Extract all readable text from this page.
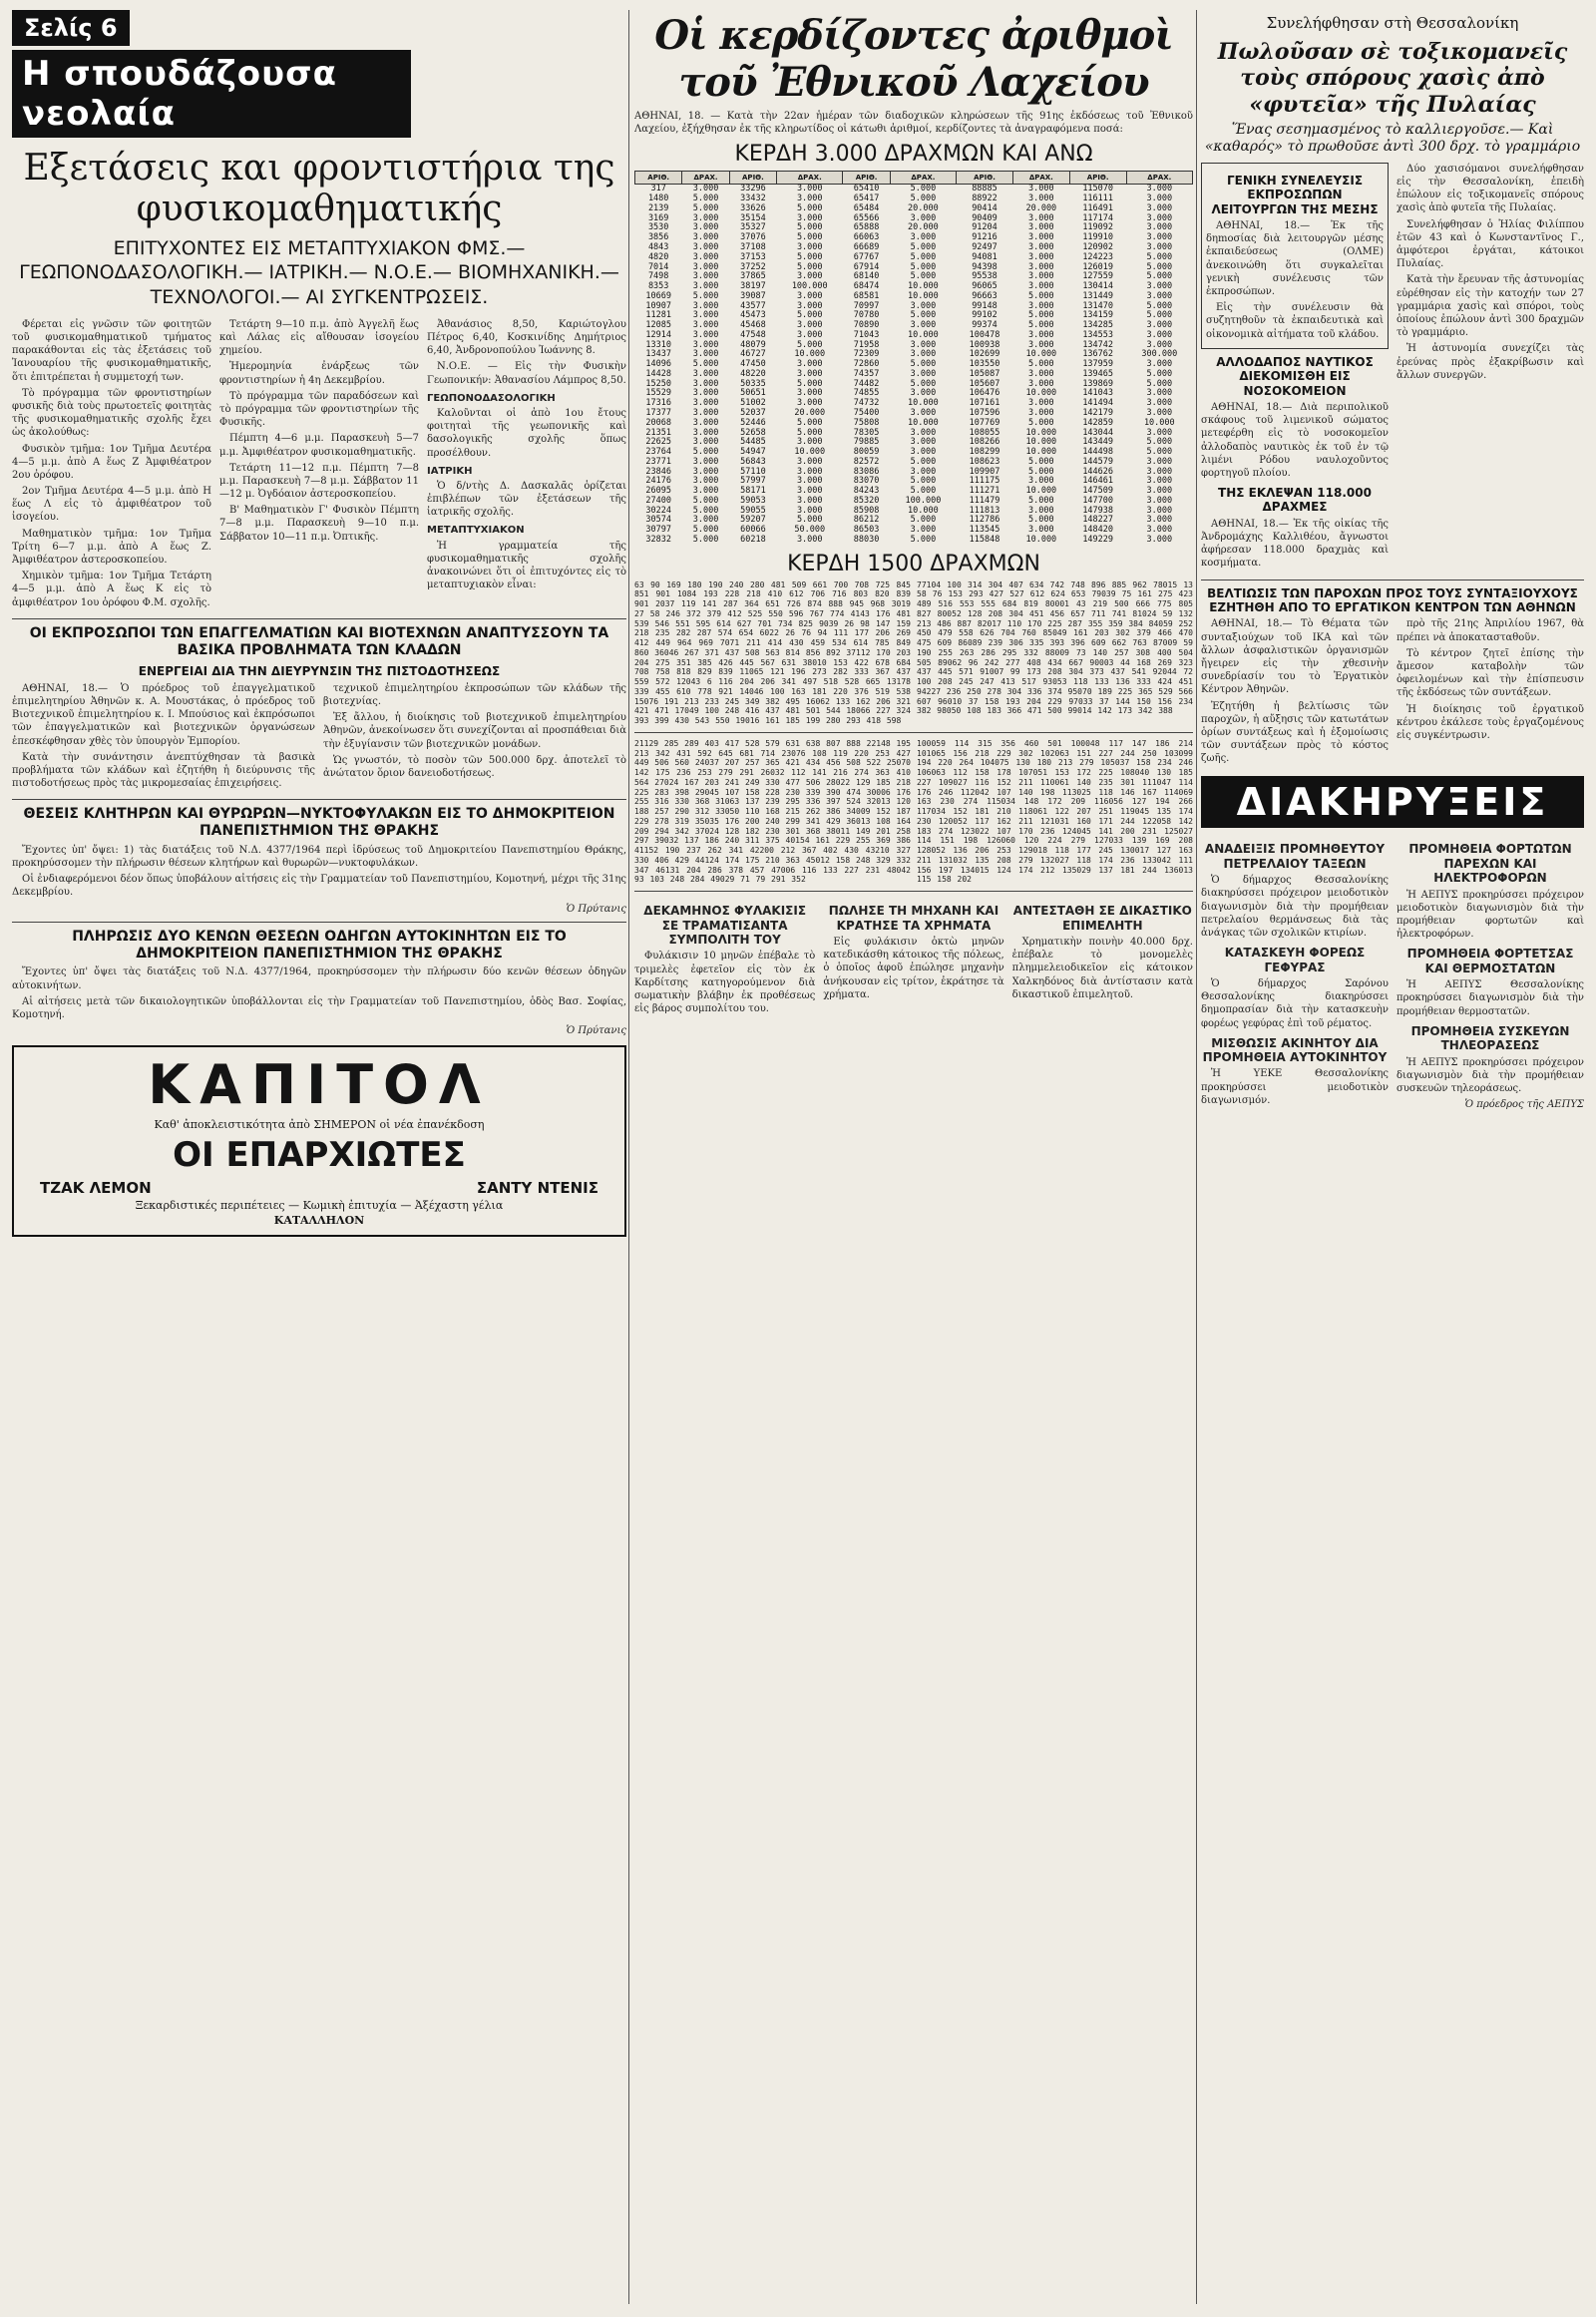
Σελίς 6
Η σπουδάζουσα νεολαία
Εξετάσεις και φροντιστήρια της φυσικομαθηματικής
ΕΠΙΤΥΧΟΝΤΕΣ ΕΙΣ ΜΕΤΑΠΤΥΧΙΑΚΟΝ ΦΜΣ.— ΓΕΩΠΟΝΟΔΑΣΟΛΟΓΙΚΗ.— ΙΑΤΡΙΚΗ.— Ν.Ο.Ε.— ΒΙΟΜΗΧΑΝΙΚΗ.— ΤΕΧΝΟΛΟΓΟΙ.— ΑΙ ΣΥΓΚΕΝΤΡΩΣΕΙΣ.

Φέρεται εἰς γνῶσιν τῶν φοιτητῶν τοῦ φυσικομαθηματικοῦ τμήματος παρακάθονται εἰς τὰς ἐξετάσεις τοῦ Ἰανουαρίου τῆς φυσικομαθηματικῆς, ὅτι ἐπιτρέπεται ἡ συμμετοχή των.

Τὸ πρόγραμμα τῶν φροντιστηρίων φυσικῆς διὰ τοὺς πρωτοετεῖς φοιτητὰς τῆς φυσικομαθηματικῆς σχολῆς ἔχει ὡς ἀκολούθως:

Φυσικὸν τμῆμα: 1ον Τμῆμα Δευτέρα 4—5 μ.μ. ἀπὸ Α ἕως Ζ Ἀμφιθέατρον 2ου ὀρόφου.

2ον Τμῆμα Δευτέρα 4—5 μ.μ. ἀπὸ Η ἕως Λ εἰς τὸ ἀμφιθέατρον τοῦ ἰσογείου.

Μαθηματικὸν τμῆμα: 1ον Τμῆμα Τρίτη 6—7 μ.μ. ἀπὸ Α ἕως Ζ. Ἀμφιθέατρον ἀστεροσκοπείου.

Χημικὸν τμῆμα: 1ον Τμῆμα Τετάρτη 4—5 μ.μ. ἀπὸ Α ἕως Κ εἰς τὸ ἀμφιθέατρον 1ου ὀρόφου Φ.Μ. σχολῆς.

Τετάρτη 9—10 π.μ. ἀπὸ Ἀγγελῆ ἕως καὶ Λάλας εἰς αἴθουσαν ἰσογείου χημείου.

Ἡμερομηνία ἐνάρξεως τῶν φροντιστηρίων ἡ 4η Δεκεμβρίου.

Τὸ πρόγραμμα τῶν παραδόσεων καὶ τὸ πρόγραμμα τῶν φροντιστηρίων τῆς Φυσικῆς.

Πέμπτη 4—6 μ.μ. Παρασκευὴ 5—7 μ.μ. Ἀμφιθέατρον φυσικομαθηματικῆς.

Τετάρτη 11—12 π.μ. Πέμπτη 7—8 μ.μ. Παρασκευὴ 7—8 μ.μ. Σάββατον 11—12 μ. Ὀγδόαιον ἀστεροσκοπείου.

Β' Μαθηματικὸν Γ' Φυσικὸν Πέμπτη 7—8 μ.μ. Παρασκευὴ 9—10 π.μ. Σάββατον 10—11 π.μ. Ὀπτικῆς.

Ἀθανάσιος 8,50, Καριώτογλου Πέτρος 6,40, Κοσκινίδης Δημήτριος 6,40, Ἀνδρονοπούλου Ἰωάννης 8.

Ν.Ο.Ε. — Εἰς τὴν Φυσικὴν Γεωπονικήν: Ἀθανασίου Λάμπρος 8,50.

ΓΕΩΠΟΝΟΔΑΣΟΛΟΓΙΚΗ

Καλοῦνται οἱ ἀπὸ 1ου ἔτους φοιτηταὶ τῆς γεωπονικῆς καὶ δασολογικῆς σχολῆς ὅπως προσέλθουν.

ΙΑΤΡΙΚΗ

Ὁ δ/ντὴς Δ. Δασκαλᾶς ὁρίζεται ἐπιβλέπων τῶν ἐξετάσεων τῆς ἰατρικῆς σχολῆς.

ΜΕΤΑΠΤΥΧΙΑΚΟΝ

Ἡ γραμματεία τῆς φυσικομαθηματικῆς σχολῆς ἀνακοινώνει ὅτι οἱ ἐπιτυχόντες εἰς τὸ μεταπτυχιακὸν εἶναι:

ΟΙ ΕΚΠΡΟΣΩΠΟΙ ΤΩΝ ΕΠΑΓΓΕΛΜΑΤΙΩΝ ΚΑΙ ΒΙΟΤΕΧΝΩΝ ΑΝΑΠΤΥΣΣΟΥΝ ΤΑ ΒΑΣΙΚΑ ΠΡΟΒΛΗΜΑΤΑ ΤΩΝ ΚΛΑΔΩΝ
ΕΝΕΡΓΕΙΑΙ ΔΙΑ ΤΗΝ ΔΙΕΥΡΥΝΣΙΝ ΤΗΣ ΠΙΣΤΟΔΟΤΗΣΕΩΣ

ΑΘΗΝΑΙ, 18.— Ὁ πρόεδρος τοῦ ἐπαγγελματικοῦ ἐπιμελητηρίου Ἀθηνῶν κ. Α. Μουστάκας, ὁ πρόεδρος τοῦ Βιοτεχνικοῦ ἐπιμελητηρίου κ. Ι. Μπούσιος καὶ ἐκπρόσωποι τῶν ἐπαγγελματικῶν καὶ βιοτεχνικῶν ὀργανώσεων ἐπεσκέφθησαν χθὲς τὸν ὑπουργὸν Ἐμπορίου.

Κατὰ τὴν συνάντησιν ἀνεπτύχθησαν τὰ βασικὰ προβλήματα τῶν κλάδων καὶ ἐζητήθη ἡ διεύρυνσις τῆς πιστοδοτήσεως πρὸς τὰς μικρομεσαίας ἐπιχειρήσεις.

τεχνικοῦ ἐπιμελητηρίου ἐκπροσώπων τῶν κλάδων τῆς βιοτεχνίας.

Ἐξ ἄλλου, ἡ διοίκησις τοῦ βιοτεχνικοῦ ἐπιμελητηρίου Ἀθηνῶν, ἀνεκοίνωσεν ὅτι συνεχίζονται αἱ προσπάθειαι διὰ τὴν ἐξυγίανσιν τῶν βιοτεχνικῶν μονάδων.

Ὡς γνωστόν, τὸ ποσὸν τῶν 500.000 δρχ. ἀποτελεῖ τὸ ἀνώτατον ὅριον δανειοδοτήσεως.

ΘΕΣΕΙΣ ΚΛΗΤΗΡΩΝ ΚΑΙ ΘΥΡΩΡΩΝ—ΝΥΚΤΟΦΥΛΑΚΩΝ ΕΙΣ ΤΟ ΔΗΜΟΚΡΙΤΕΙΟΝ ΠΑΝΕΠΙΣΤΗΜΙΟΝ ΤΗΣ ΘΡΑΚΗΣ

Ἔχοντες ὑπ' ὄψει: 1) τὰς διατάξεις τοῦ Ν.Δ. 4377/1964 περὶ ἱδρύσεως τοῦ Δημοκριτείου Πανεπιστημίου Θράκης, προκηρύσσομεν τὴν πλήρωσιν θέσεων κλητήρων καὶ θυρωρῶν—νυκτοφυλάκων.

Οἱ ἐνδιαφερόμενοι δέον ὅπως ὑποβάλουν αἰτήσεις εἰς τὴν Γραμματείαν τοῦ Πανεπιστημίου, Κομοτηνή, μέχρι τῆς 31ης Δεκεμβρίου.

Ὁ Πρύτανις
ΠΛΗΡΩΣΙΣ ΔΥΟ ΚΕΝΩΝ ΘΕΣΕΩΝ ΟΔΗΓΩΝ ΑΥΤΟΚΙΝΗΤΩΝ ΕΙΣ ΤΟ ΔΗΜΟΚΡΙΤΕΙΟΝ ΠΑΝΕΠΙΣΤΗΜΙΟΝ ΤΗΣ ΘΡΑΚΗΣ

Ἔχοντες ὑπ' ὄψει τὰς διατάξεις τοῦ Ν.Δ. 4377/1964, προκηρύσσομεν τὴν πλήρωσιν δύο κενῶν θέσεων ὁδηγῶν αὐτοκινήτων.

Αἱ αἰτήσεις μετὰ τῶν δικαιολογητικῶν ὑποβάλλονται εἰς τὴν Γραμματείαν τοῦ Πανεπιστημίου, ὁδὸς Βασ. Σοφίας, Κομοτηνή.

Ὁ Πρύτανις
ΚΑΠΙΤΟΛ
Καθ' ἀποκλειστικότητα ἀπὸ ΣΗΜΕΡΟΝ οἱ νέα ἐπανέκδοση
ΟΙ ΕΠΑΡΧΙΩΤΕΣ
ΤΖΑΚ ΛΕΜΟΝ	ΣΑΝΤΥ ΝΤΕΝΙΣ
Ξεκαρδιστικές περιπέτειες — Κωμικὴ ἐπιτυχία — Ἀξέχαστη γέλια
ΚΑΤΑΛΛΗΛΟΝ
Οἱ κερδίζοντες ἀριθμοὶ τοῦ Ἐθνικοῦ Λαχείου
ΑΘΗΝΑΙ, 18. — Κατὰ τὴν 22αν ἡμέραν τῶν διαδοχικῶν κληρώσεων τῆς 91ης ἐκδόσεως τοῦ Ἐθνικοῦ Λαχείου, ἐξήχθησαν ἐκ τῆς κληρωτίδος οἱ κάτωθι ἀριθμοί, κερδίζοντες τὰ ἀναγραφόμενα ποσά:
ΚΕΡΔΗ 3.000 ΔΡΑΧΜΩΝ ΚΑΙ ΑΝΩ
ΑΡΙΘ.	ΔΡΑΧ.	ΑΡΙΘ.	ΔΡΑΧ.	ΑΡΙΘ.	ΔΡΑΧ.	ΑΡΙΘ.	ΔΡΑΧ.	ΑΡΙΘ.	ΔΡΑΧ.
317	3.000	33296	3.000	65410	5.000	88885	3.000	115070	3.000
1480	5.000	33432	3.000	65417	5.000	88922	3.000	116111	3.000
2139	5.000	33626	5.000	65484	20.000	90414	20.000	116491	3.000
3169	3.000	35154	3.000	65566	3.000	90409	3.000	117174	3.000
3530	3.000	35327	5.000	65888	20.000	91204	3.000	119092	3.000
3856	3.000	37076	5.000	66063	3.000	91216	3.000	119910	3.000
4843	3.000	37108	3.000	66689	5.000	92497	3.000	120902	3.000
4820	3.000	37153	5.000	67767	5.000	94081	3.000	124223	5.000
7014	3.000	37252	5.000	67914	5.000	94398	3.000	126019	5.000
7498	3.000	37865	3.000	68140	5.000	95538	3.000	127559	5.000
8353	3.000	38197	100.000	68474	10.000	96065	3.000	130414	3.000
10669	5.000	39087	3.000	68581	10.000	96663	5.000	131449	3.000
10907	3.000	43577	3.000	70997	3.000	99148	3.000	131470	5.000
11281	3.000	45473	5.000	70780	5.000	99102	5.000	134159	5.000
12085	3.000	45468	3.000	70890	3.000	99374	5.000	134285	3.000
12914	3.000	47548	3.000	71043	10.000	100478	3.000	134553	3.000
13310	3.000	48079	5.000	71958	3.000	100938	3.000	134742	3.000
13437	3.000	46727	10.000	72309	3.000	102699	10.000	136762	300.000
14096	5.000	47450	3.000	72860	5.000	103550	5.000	137959	3.000
14428	3.000	48220	3.000	74357	3.000	105087	3.000	139465	5.000
15250	3.000	50335	5.000	74482	5.000	105607	3.000	139869	5.000
15529	3.000	50651	3.000	74855	3.000	106476	10.000	141043	3.000
17316	3.000	51002	3.000	74732	10.000	107161	3.000	141494	3.000
17377	3.000	52037	20.000	75400	3.000	107596	3.000	142179	3.000
20068	3.000	52446	5.000	75808	10.000	107769	5.000	142859	10.000
21351	3.000	52658	5.000	78305	3.000	108055	10.000	143044	3.000
22625	3.000	54485	3.000	79885	3.000	108266	10.000	143449	5.000
23764	5.000	54947	10.000	80059	3.000	108299	10.000	144498	5.000
23771	3.000	56843	3.000	82572	5.000	108623	5.000	144579	3.000
23846	3.000	57110	3.000	83086	3.000	109907	5.000	144626	3.000
24176	3.000	57997	3.000	83070	5.000	111175	3.000	146461	3.000
26095	3.000	58171	3.000	84243	5.000	111271	10.000	147509	3.000
27400	5.000	59053	3.000	85320	100.000	111479	5.000	147700	3.000
30224	5.000	59055	3.000	85908	10.000	111813	3.000	147938	3.000
30574	3.000	59207	5.000	86212	5.000	112786	5.000	148227	3.000
30797	5.000	60066	50.000	86503	3.000	113545	3.000	148420	3.000
32832	5.000	60218	3.000	88030	5.000	115848	10.000	149229	3.000
ΚΕΡΔΗ 1500 ΔΡΑΧΜΩΝ
63 90 169 180 190 240 280 481 509 661 700 708 725 845 851 901 1084 193 228 218 410 612 706 716 803 820 839 901 2037 119 141 287 364 651 726 874 888 945 968 3019 27 58 246 372 379 412 525 550 596 767 774 4143 176 481 539 546 551 595 614 627 701 734 825 9039 26 98 147 159 218 235 282 287 574 654 6022 26 76 94 111 177 206 269 412 449 964 969 7071 211 414 430 459 534 614 785 849 860 36046 267 371 437 508 563 814 856 892 37112 170 203 204 275 351 385 426 445 567 631 38010 153 422 678 684 708 758 818 829 839 11065 121 196 273 282 333 367 437 559 572 12043 6 116 204 206 341 497 518 528 665 13178 339 455 610 778 921 14046 100 163 181 220 376 519 538 15076 191 213 233 245 349 382 495 16062 133 162 206 321 421 471 17049 100 248 416 437 481 501 544 18066 227 324 393 399 430 543 550 19016 161 185 199 280 293 418 598
77104 100 314 304 407 634 742 748 896 885 962 78015 13 58 76 153 293 427 527 612 624 653 79039 75 161 275 423 489 516 553 555 684 819 80001 43 219 500 666 775 805 827 80052 128 208 304 451 456 657 711 741 81024 59 132 213 486 887 82017 110 170 225 287 355 359 384 84059 252 450 479 558 626 704 760 85049 161 203 302 379 466 470 475 609 86089 239 306 335 393 396 609 662 763 87009 59 190 255 263 286 295 332 88009 73 140 257 308 400 504 505 89062 96 242 277 408 434 667 90003 44 168 269 323 437 445 571 91007 99 173 208 304 373 437 541 92044 72 100 208 245 247 413 517 93053 118 133 136 333 424 451 94227 236 250 278 304 336 374 95070 189 225 365 529 566 607 96010 37 158 193 204 229 97033 37 144 150 156 234 382 98050 108 183 366 471 500 99014 142 173 342 388
21129 285 289 403 417 528 579 631 638 807 888 22148 195 213 342 431 592 645 681 714 23076 108 119 220 253 427 449 506 560 24037 207 257 365 421 434 456 508 522 25070 142 175 236 253 279 291 26032 112 141 216 274 363 410 564 27024 167 203 241 249 330 477 506 28022 129 185 218 225 283 398 29045 107 158 228 230 339 390 474 30006 176 255 316 330 368 31063 137 239 295 336 397 524 32013 120 188 257 290 312 33050 110 168 215 262 386 34009 152 187 229 278 319 35035 176 200 240 299 341 429 36013 108 164 209 294 342 37024 128 182 230 301 368 38011 149 201 258 297 39032 137 186 240 311 375 40154 161 229 255 369 386 41152 190 237 262 341 42200 212 367 402 430 43210 327 330 406 429 44124 174 175 210 363 45012 158 248 329 332 347 46131 204 286 378 457 47006 116 133 227 231 48042 93 103 248 284 49029 71 79 291 352
100059 114 315 356 460 501 100048 117 147 186 214 101065 156 218 229 302 102063 151 227 244 250 103099 194 220 264 104075 130 180 213 279 105037 158 234 246 106063 112 158 178 107051 153 172 225 108040 130 185 227 109027 116 152 211 110061 140 235 301 111047 114 176 246 112042 107 140 198 113025 118 146 167 114069 163 230 274 115034 148 172 209 116056 127 194 266 117034 152 181 210 118061 122 207 251 119045 135 174 230 120052 117 162 211 121031 160 171 244 122058 142 183 274 123022 107 170 236 124045 141 200 231 125027 114 151 198 126060 120 224 279 127033 139 169 208 128052 136 206 253 129018 118 177 245 130017 127 163 211 131032 135 208 279 132027 118 174 236 133042 111 156 197 134015 124 174 212 135029 137 181 244 136013 115 158 202
ΔΕΚΑΜΗΝΟΣ ΦΥΛΑΚΙΣΙΣ ΣΕ ΤΡΑΜΑΤΙΣΑΝΤΑ ΣΥΜΠΟΛΙΤΗ ΤΟΥ

Φυλάκισιν 10 μηνῶν ἐπέβαλε τὸ τριμελὲς ἐφετεῖον εἰς τὸν ἐκ Καρδίτσης κατηγορούμενον διὰ σωματικὴν βλάβην ἐκ προθέσεως εἰς βάρος συμπολίτου του.

ΠΩΛΗΣΕ ΤΗ ΜΗΧΑΝΗ ΚΑΙ ΚΡΑΤΗΣΕ ΤΑ ΧΡΗΜΑΤΑ

Εἰς φυλάκισιν ὀκτὼ μηνῶν κατεδικάσθη κάτοικος τῆς πόλεως, ὁ ὁποῖος ἀφοῦ ἐπώλησε μηχανὴν ἀνήκουσαν εἰς τρίτον, ἐκράτησε τὰ χρήματα.

ΑΝΤΕΣΤΑΘΗ ΣΕ ΔΙΚΑΣΤΙΚΟ ΕΠΙΜΕΛΗΤΗ

Χρηματικὴν ποινὴν 40.000 δρχ. ἐπέβαλε τὸ μονομελὲς πλημμελειοδικεῖον εἰς κάτοικον Χαλκηδόνος διὰ ἀντίστασιν κατὰ δικαστικοῦ ἐπιμελητοῦ.

Συνελήφθησαν στὴ Θεσσαλονίκη
Πωλοῦσαν σὲ τοξικομανεῖς τοὺς σπόρους χασὶς ἀπὸ «φυτεῖα» τῆς Πυλαίας
Ἕνας σεσημασμένος τὸ καλλιεργοῦσε.— Καὶ «καθαρός» τὸ πρωθοῦσε ἀντὶ 300 δρχ. τὸ γραμμάριο
ΓΕΝΙΚΗ ΣΥΝΕΛΕΥΣΙΣ ΕΚΠΡΟΣΩΠΩΝ ΛΕΙΤΟΥΡΓΩΝ ΤΗΣ ΜΕΣΗΣ

ΑΘΗΝΑΙ, 18.— Ἐκ τῆς δηmοσίας διὰ λειτουργῶν μέσης ἐκπαιδεύσεως (ΟΛΜΕ) ἀνεκοινώθη ὅτι συγκαλεῖται γενικὴ συνέλευσις τῶν ἐκπροσώπων.

Εἰς τὴν συνέλευσιν θὰ συζητηθοῦν τὰ ἐκπαιδευτικὰ καὶ οἰκονομικὰ αἰτήματα τοῦ κλάδου.

ΑΛΛΟΔΑΠΟΣ ΝΑΥΤΙΚΟΣ ΔΙΕΚΟΜΙΣΘΗ ΕΙΣ ΝΟΣΟΚΟΜΕΙΟΝ

ΑΘΗΝΑΙ, 18.— Διὰ περιπολικοῦ σκάφους τοῦ λιμενικοῦ σώματος μετεφέρθη εἰς τὸ νοσοκομεῖον ἀλλοδαπὸς ναυτικὸς ἐκ τοῦ ἐν τῷ λιμένι Ρόδου ναυλοχοῦντος φορτηγοῦ πλοίου.

ΤΗΣ ΕΚΛΕΨΑΝ 118.000 ΔΡΑΧΜΕΣ

ΑΘΗΝΑΙ, 18.— Ἐκ τῆς οἰκίας τῆς Ἀνδρομάχης Καλλιθέου, ἄγνωστοι ἀφήρεσαν 118.000 δραχμὰς καὶ κοσμήματα.

Δύο χασισόμανοι συνελήφθησαν εἰς τὴν Θεσσαλονίκη, ἐπειδὴ ἐπώλουν εἰς τοξικομανεῖς σπόρους χασὶς ἀπὸ φυτεῖα τῆς Πυλαίας.

Συνελήφθησαν ὁ Ἠλίας Φιλίππου ἐτῶν 43 καὶ ὁ Κωνσταντῖνος Γ., ἀμφότεροι ἐργάται, κάτοικοι Πυλαίας.

Κατὰ τὴν ἔρευναν τῆς ἀστυνομίας εὑρέθησαν εἰς τὴν κατοχήν των 27 γραμμάρια χασὶς καὶ σπόροι, τοὺς ὁποίους ἐπώλουν ἀντὶ 300 δραχμῶν τὸ γραμμάριο.

Ἡ ἀστυνομία συνεχίζει τὰς ἐρεύνας πρὸς ἐξακρίβωσιν καὶ ἄλλων συνεργῶν.

ΒΕΛΤΙΩΣΙΣ ΤΩΝ ΠΑΡΟΧΩΝ ΠΡΟΣ ΤΟΥΣ ΣΥΝΤΑΞΙΟΥΧΟΥΣ ΕΖΗΤΗΘΗ ΑΠΟ ΤΟ ΕΡΓΑΤΙΚΟΝ ΚΕΝΤΡΟΝ ΤΩΝ ΑΘΗΝΩΝ

ΑΘΗΝΑΙ, 18.— Τὸ Θέματα τῶν συνταξιούχων τοῦ ΙΚΑ καὶ τῶν ἄλλων ἀσφαλιστικῶν ὀργανισμῶν ἤγειρεν εἰς τὴν χθεσινὴν συνεδρίασίν του τὸ Ἐργατικὸν Κέντρον Ἀθηνῶν.

Ἐζητήθη ἡ βελτίωσις τῶν παροχῶν, ἡ αὔξησις τῶν κατωτάτων ὁρίων συντάξεως καὶ ἡ ἐξομοίωσις τῶν συντάξεων πρὸς τὸ κόστος ζωῆς.

πρὸ τῆς 21ης Ἀπριλίου 1967, θὰ πρέπει νὰ ἀποκατασταθοῦν.

Τὸ κέντρον ζητεῖ ἐπίσης τὴν ἄμεσον καταβολὴν τῶν ὀφειλομένων καὶ τὴν ἐπίσπευσιν τῆς ἐκδόσεως τῶν συντάξεων.

Ἡ διοίκησις τοῦ ἐργατικοῦ κέντρου ἐκάλεσε τοὺς ἐργαζομένους εἰς συγκέντρωσιν.

ΔΙΑΚΗΡΥΞΕΙΣ
ΑΝΑΔΕΙΞΙΣ ΠΡΟΜΗΘΕΥΤΟΥ ΠΕΤΡΕΛΑΙΟΥ ΤΑΞΕΩΝ

Ὁ δήμαρχος Θεσσαλονίκης διακηρύσσει πρόχειρον μειοδοτικὸν διαγωνισμὸν διὰ τὴν προμήθειαν πετρελαίου θερμάνσεως διὰ τὰς ἀνάγκας τῶν σχολικῶν κτιρίων.

ΚΑΤΑΣΚΕΥΗ ΦΟΡΕΩΣ ΓΕΦΥΡΑΣ

Ὁ δήμαρχος Σαρόνου Θεσσαλονίκης διακηρύσσει δημοπρασίαν διὰ τὴν κατασκευὴν φορέως γεφύρας ἐπὶ τοῦ ρέματος.

ΜΙΣΘΩΣΙΣ ΑΚΙΝΗΤΟΥ ΔΙΑ ΠΡΟΜΗΘΕΙΑ ΑΥΤΟΚΙΝΗΤΟΥ

Ἡ ΥΕΚΕ Θεσσαλονίκης προκηρύσσει μειοδοτικὸν διαγωνισμόν.

ΠΡΟΜΗΘΕΙΑ ΦΟΡΤΩΤΩΝ ΠΑΡΕΧΩΝ ΚΑΙ ΗΛΕΚΤΡΟΦΟΡΩΝ

Ἡ ΑΕΠΥΣ προκηρύσσει πρόχειρον μειοδοτικὸν διαγωνισμὸν διὰ τὴν προμήθειαν φορτωτῶν καὶ ἠλεκτροφόρων.

ΠΡΟΜΗΘΕΙΑ ΦΟΡΤΕΤΣΑΣ ΚΑΙ ΘΕΡΜΟΣΤΑΤΩΝ

Ἡ ΑΕΠΥΣ Θεσσαλονίκης προκηρύσσει διαγωνισμὸν διὰ τὴν προμήθειαν θερμοστατῶν.

ΠΡΟΜΗΘΕΙΑ ΣΥΣΚΕΥΩΝ ΤΗΛΕΟΡΑΣΕΩΣ

Ἡ ΑΕΠΥΣ προκηρύσσει πρόχειρον διαγωνισμὸν διὰ τὴν προμήθειαν συσκευῶν τηλεοράσεως.

Ὁ πρόεδρος τῆς ΑΕΠΥΣ
